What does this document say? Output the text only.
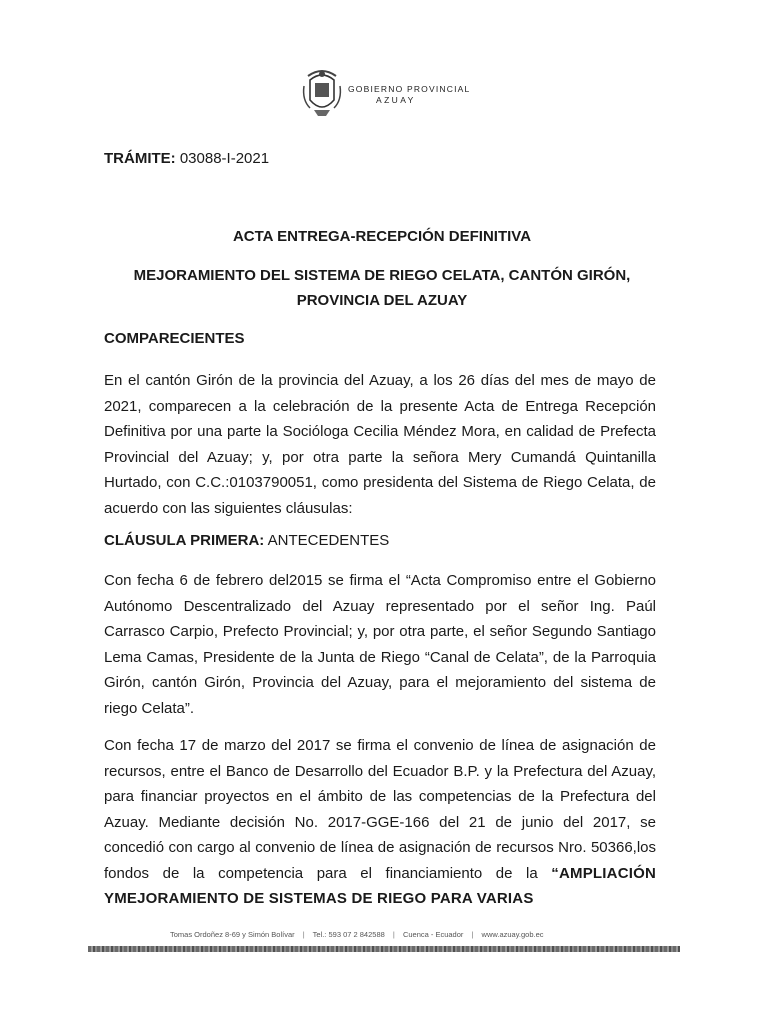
GOBIERNO PROVINCIAL
AZUAY
TRÁMITE: 03088-I-2021
ACTA ENTREGA-RECEPCIÓN DEFINITIVA
MEJORAMIENTO DEL SISTEMA DE RIEGO CELATA, CANTÓN GIRÓN,
PROVINCIA DEL AZUAY
COMPARECIENTES
En el cantón Girón de la provincia del Azuay, a los 26 días del mes de mayo de 2021, comparecen a la celebración de la presente Acta de Entrega Recepción Definitiva por una parte la Socióloga Cecilia Méndez Mora, en calidad de Prefecta Provincial del Azuay; y, por otra parte la señora Mery Cumandá Quintanilla Hurtado, con C.C.:0103790051, como presidenta del Sistema de Riego Celata, de acuerdo con las siguientes cláusulas:
CLÁUSULA PRIMERA: ANTECEDENTES
Con fecha 6 de febrero del2015 se firma el “Acta Compromiso entre el Gobierno Autónomo Descentralizado del Azuay representado por el señor Ing. Paúl Carrasco Carpio, Prefecto Provincial; y, por otra parte, el señor Segundo Santiago Lema Camas, Presidente de la Junta de Riego “Canal de Celata”, de la Parroquia Girón, cantón Girón, Provincia del Azuay, para el mejoramiento del sistema de riego Celata”.
Con fecha 17 de marzo del 2017 se firma el convenio de línea de asignación de recursos, entre el Banco de Desarrollo del Ecuador B.P. y la Prefectura del Azuay, para financiar proyectos en el ámbito de las competencias de la Prefectura del Azuay. Mediante decisión No. 2017-GGE-166 del 21 de junio del 2017, se concedió con cargo al convenio de línea de asignación de recursos Nro. 50366,los fondos de la competencia para el financiamiento de la “AMPLIACIÓN YMEJORAMIENTO DE SISTEMAS DE RIEGO PARA VARIAS
Tomas Ordoñez 8-69 y Simón Bolívar | Tel.: 593 07 2 842588 | Cuenca - Ecuador | www.azuay.gob.ec
